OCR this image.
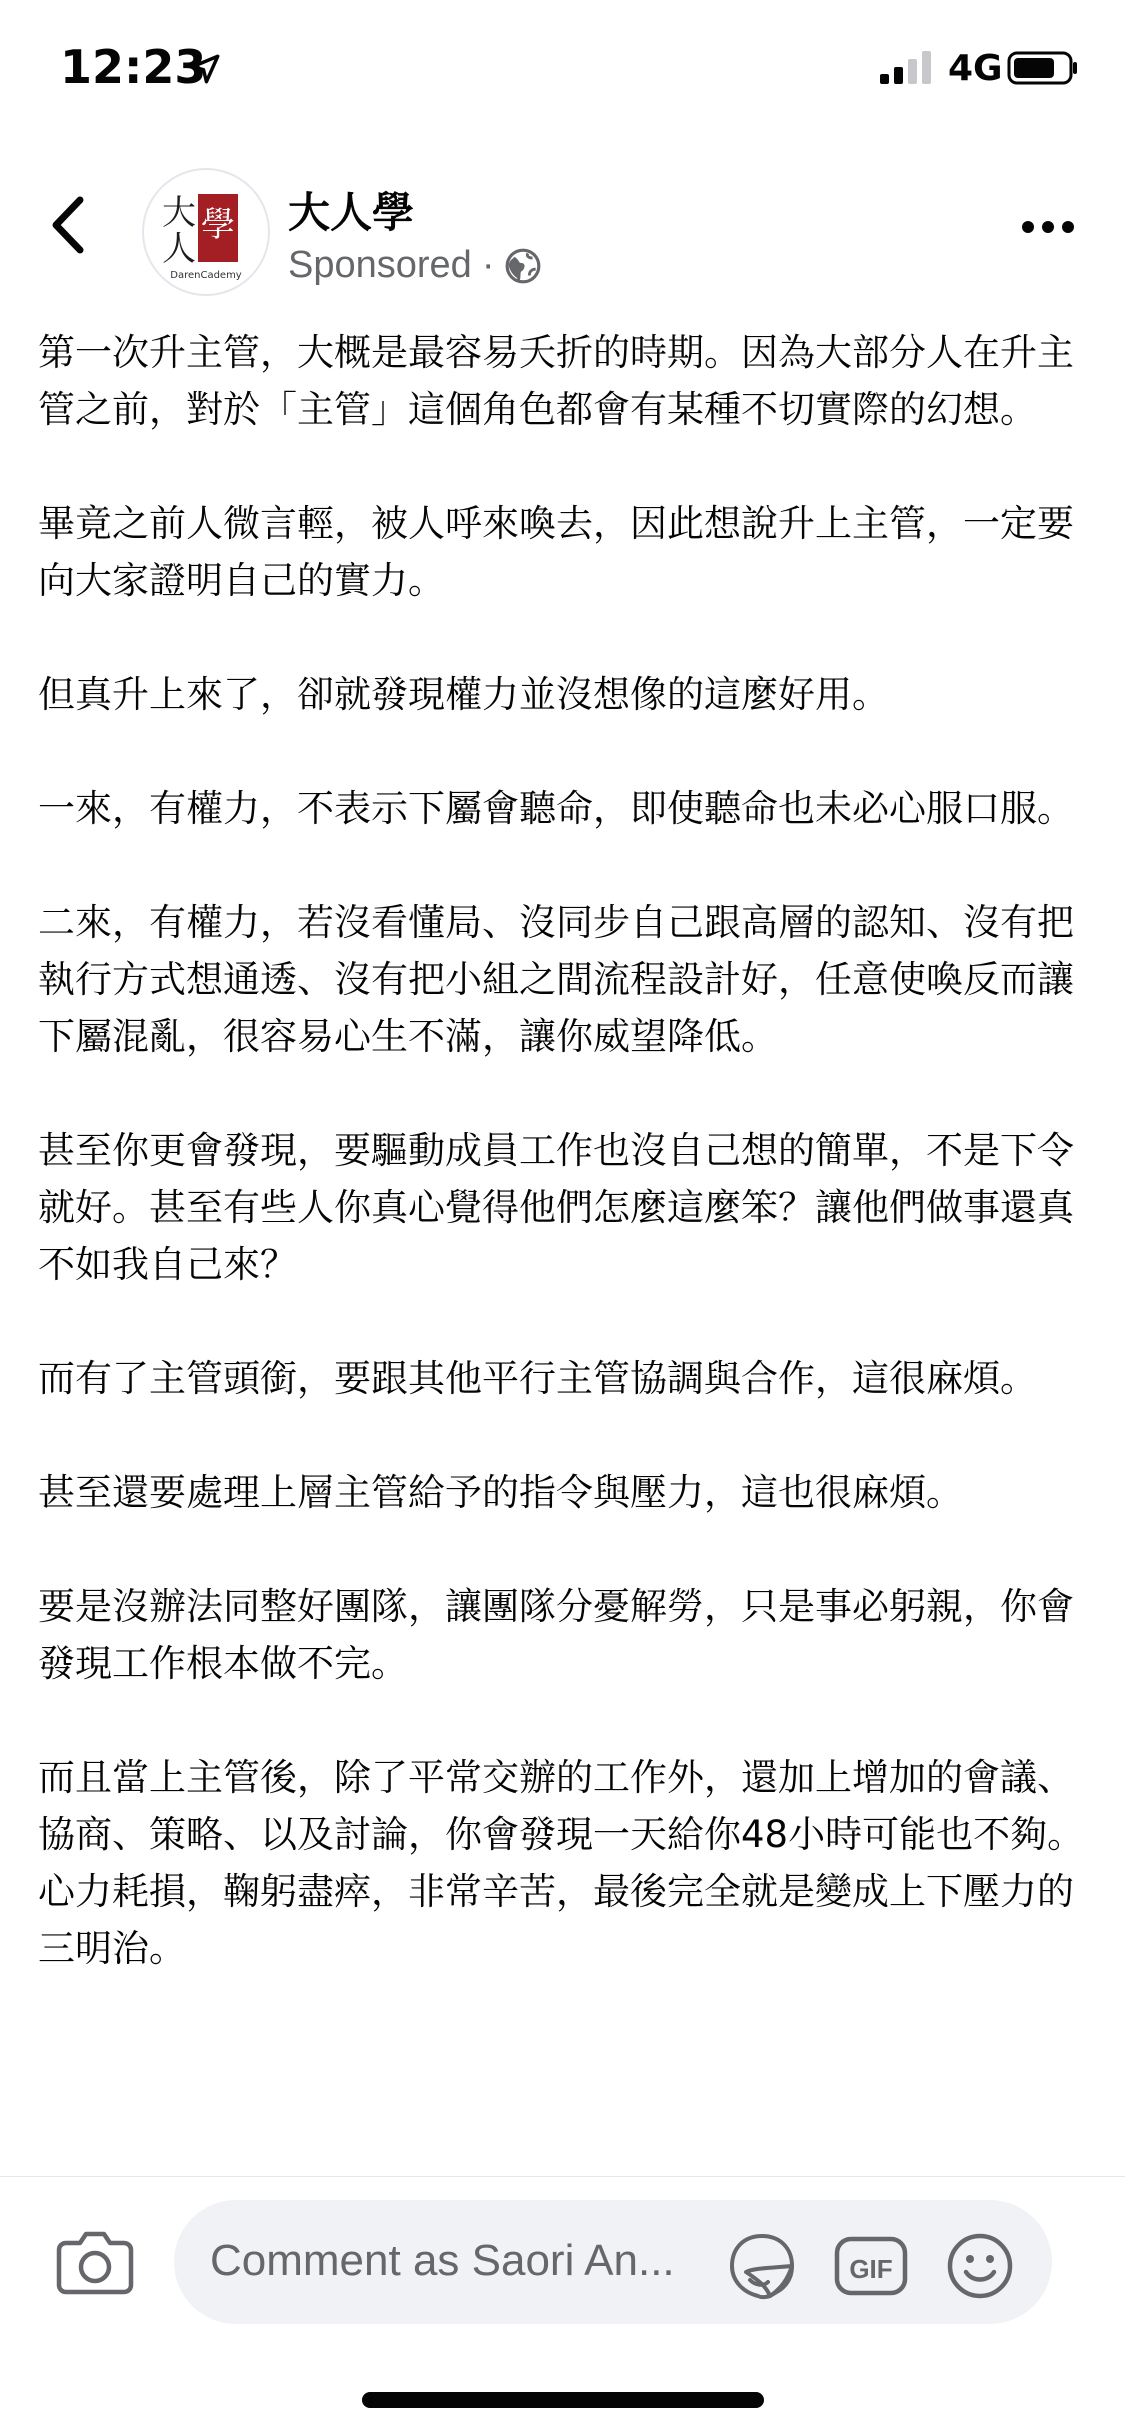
12:23	4G
大
人
學
DarenCademy
大人學
Sponsored ·

第一次升主管，大概是最容易夭折的時期。因為大部分人在升主管之前，對於「主管」這個角色都會有某種不切實際的幻想。

畢竟之前人微言輕，被人呼來喚去，因此想說升上主管，一定要向大家證明自己的實力。

但真升上來了，卻就發現權力並沒想像的這麼好用。

一來，有權力，不表示下屬會聽命，即使聽命也未必心服口服。

二來，有權力，若沒看懂局、沒同步自己跟高層的認知、沒有把執行方式想通透、沒有把小組之間流程設計好，任意使喚反而讓下屬混亂，很容易心生不滿，讓你威望降低。

甚至你更會發現，要驅動成員工作也沒自己想的簡單，不是下令就好。甚至有些人你真心覺得他們怎麼這麼笨？讓他們做事還真不如我自己來？

而有了主管頭銜，要跟其他平行主管協調與合作，這很麻煩。

甚至還要處理上層主管給予的指令與壓力，這也很麻煩。

要是沒辦法同整好團隊，讓團隊分憂解勞，只是事必躬親，你會發現工作根本做不完。

而且當上主管後，除了平常交辦的工作外，還加上增加的會議、協商、策略、以及討論，你會發現一天給你48小時可能也不夠。心力耗損，鞠躬盡瘁，非常辛苦，最後完全就是變成上下壓力的三明治。

Comment as Saori An...	GIF
